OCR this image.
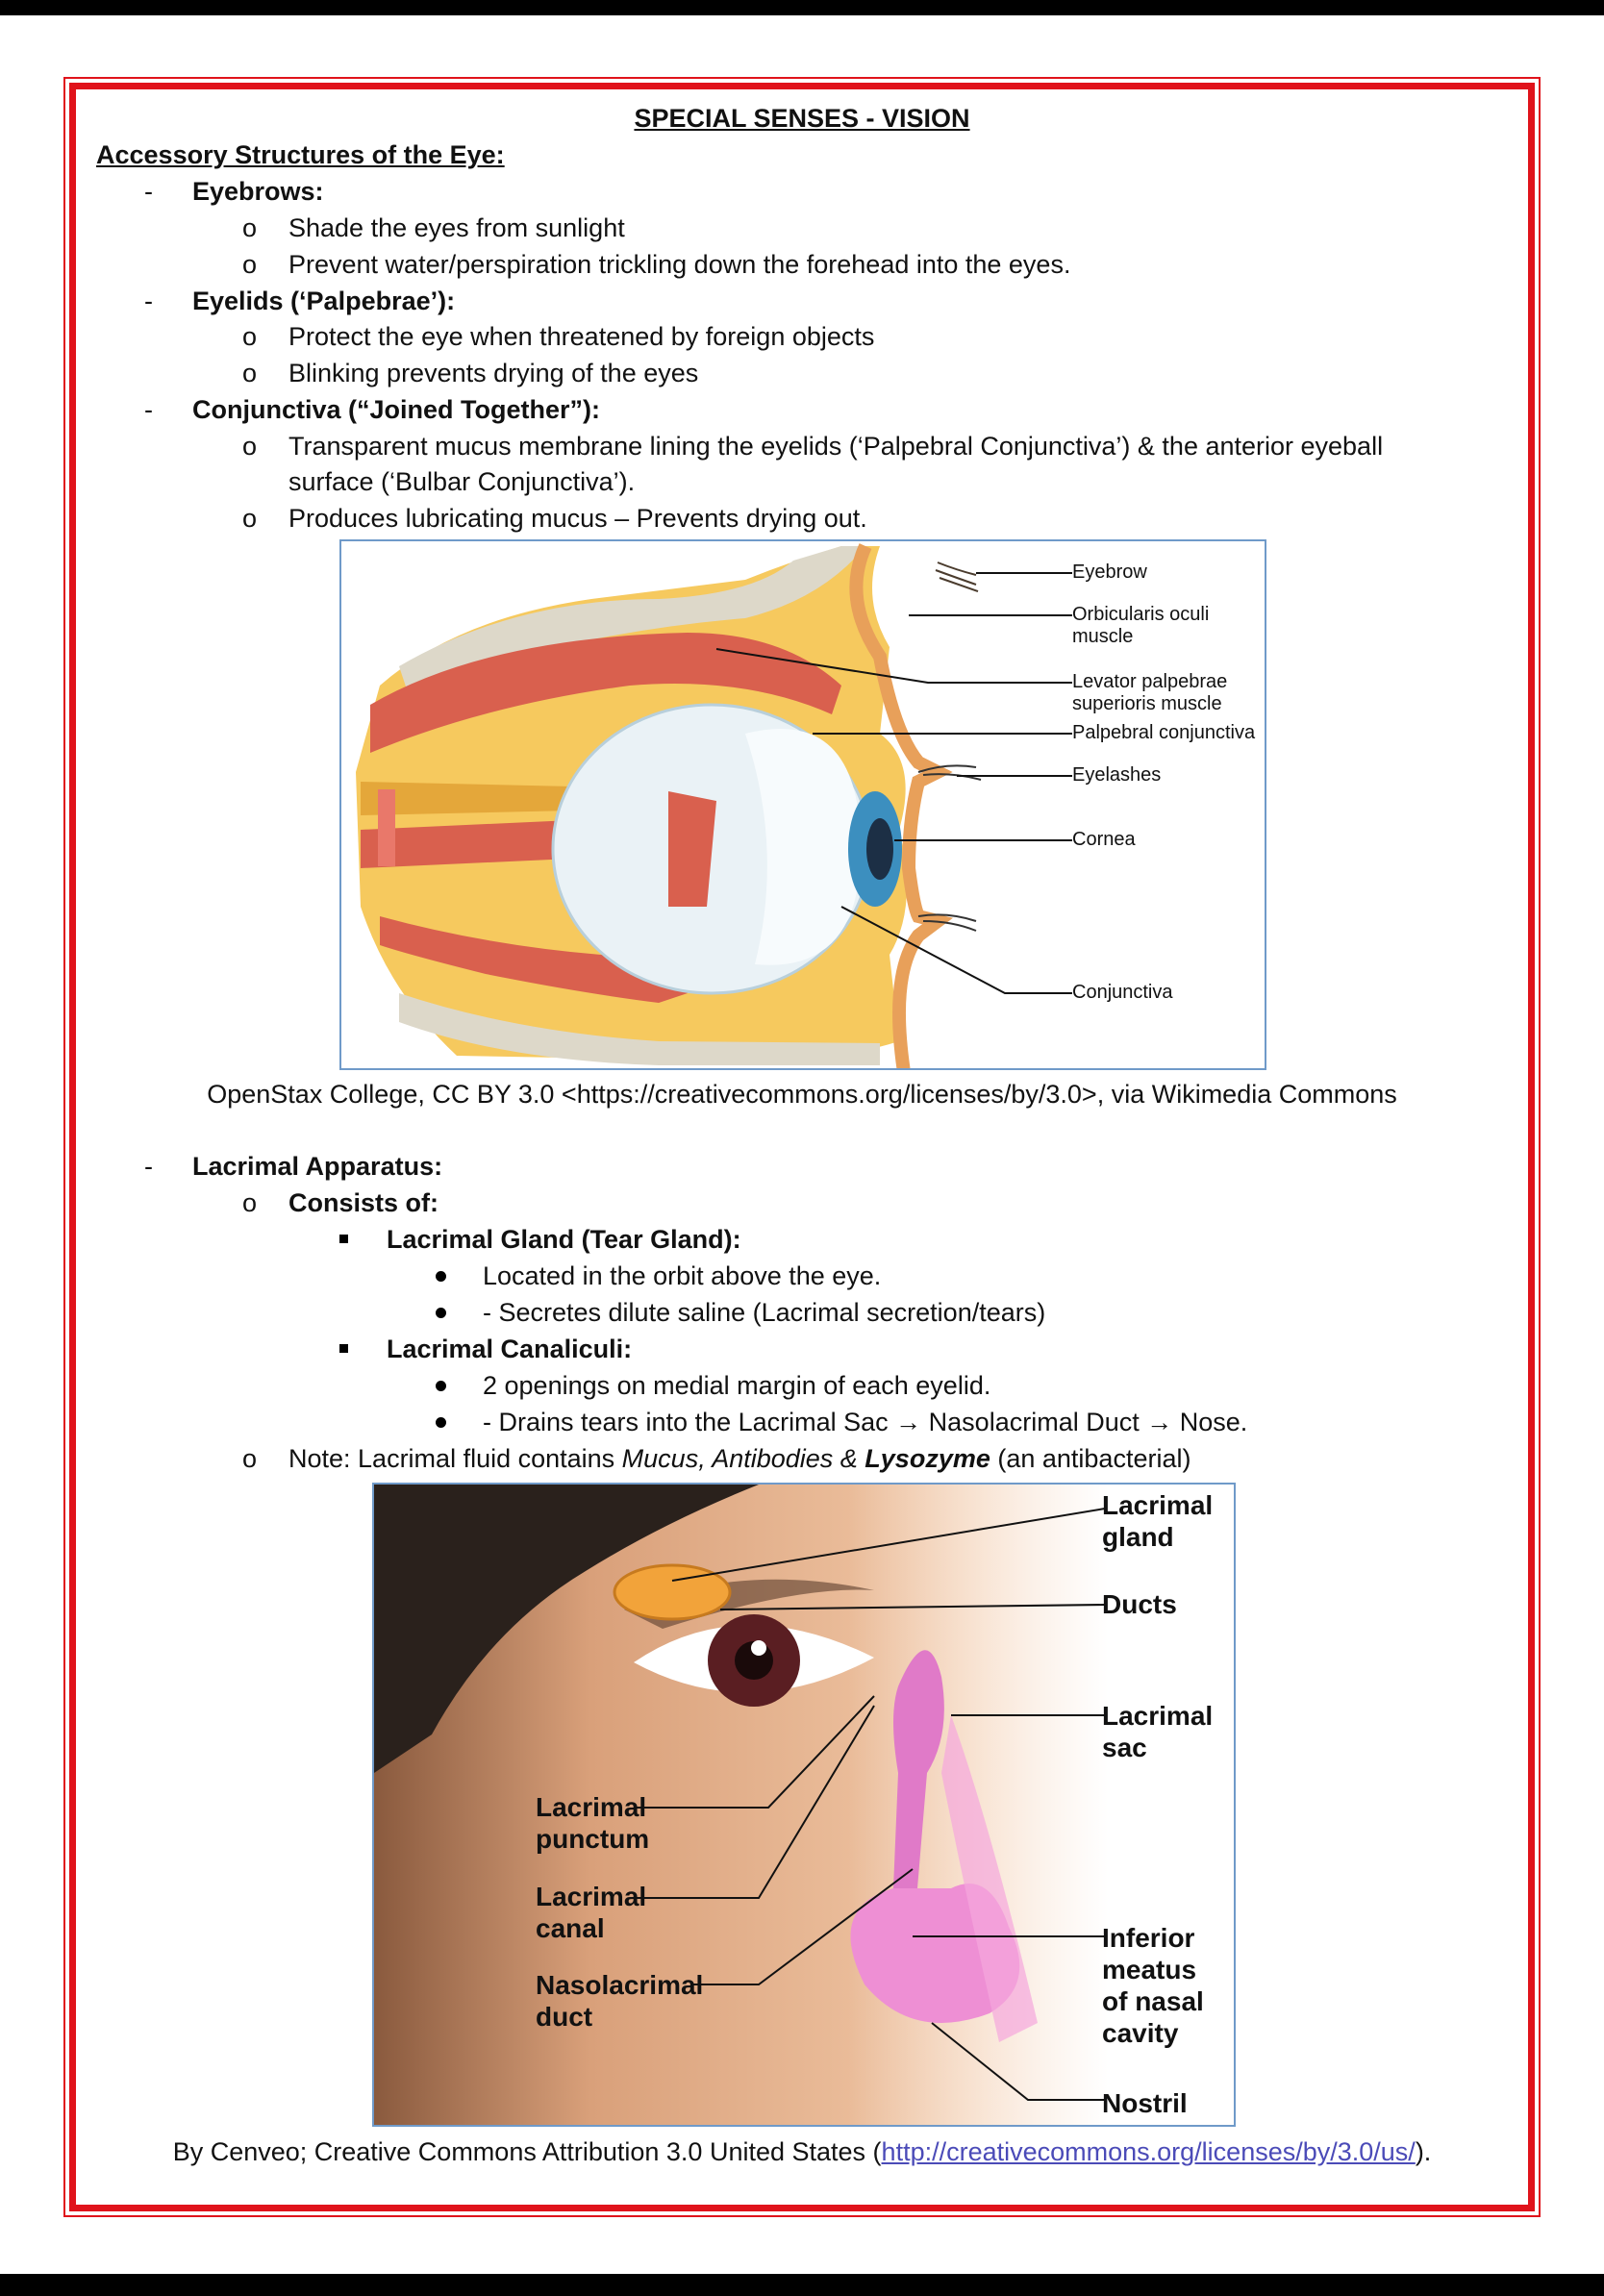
SPECIAL SENSES - VISION
Accessory Structures of the Eye:
- Eyebrows:
o Shade the eyes from sunlight
o Prevent water/perspiration trickling down the forehead into the eyes.
- Eyelids (‘Palpebrae’):
o Protect the eye when threatened by foreign objects
o Blinking prevents drying of the eyes
- Conjunctiva (“Joined Together”):
o Transparent mucus membrane lining the eyelids (‘Palpebral Conjunctiva’) & the anterior eyeball
surface (‘Bulbar Conjunctiva’).
o Produces lubricating mucus – Prevents drying out.
Eyebrow
Orbicularis oculi
muscle
Levator palpebrae
superioris muscle
Palpebral conjunctiva
Eyelashes
Cornea
Conjunctiva
OpenStax College, CC BY 3.0 <https://creativecommons.org/licenses/by/3.0>, via Wikimedia Commons
- Lacrimal Apparatus:
o Consists of:
Lacrimal Gland (Tear Gland):
Located in the orbit above the eye.
- Secretes dilute saline (Lacrimal secretion/tears)
Lacrimal Canaliculi:
2 openings on medial margin of each eyelid.
- Drains tears into the Lacrimal Sac → Nasolacrimal Duct → Nose.
o Note: Lacrimal fluid contains Mucus, Antibodies & Lysozyme (an antibacterial)
Lacrimal
gland
Ducts
Lacrimal
sac
Lacrimal
punctum
Lacrimal
canal
Nasolacrimal
duct
Inferior
meatus
of nasal
cavity
Nostril
By Cenveo; Creative Commons Attribution 3.0 United States (http://creativecommons.org/licenses/by/3.0/us/).
